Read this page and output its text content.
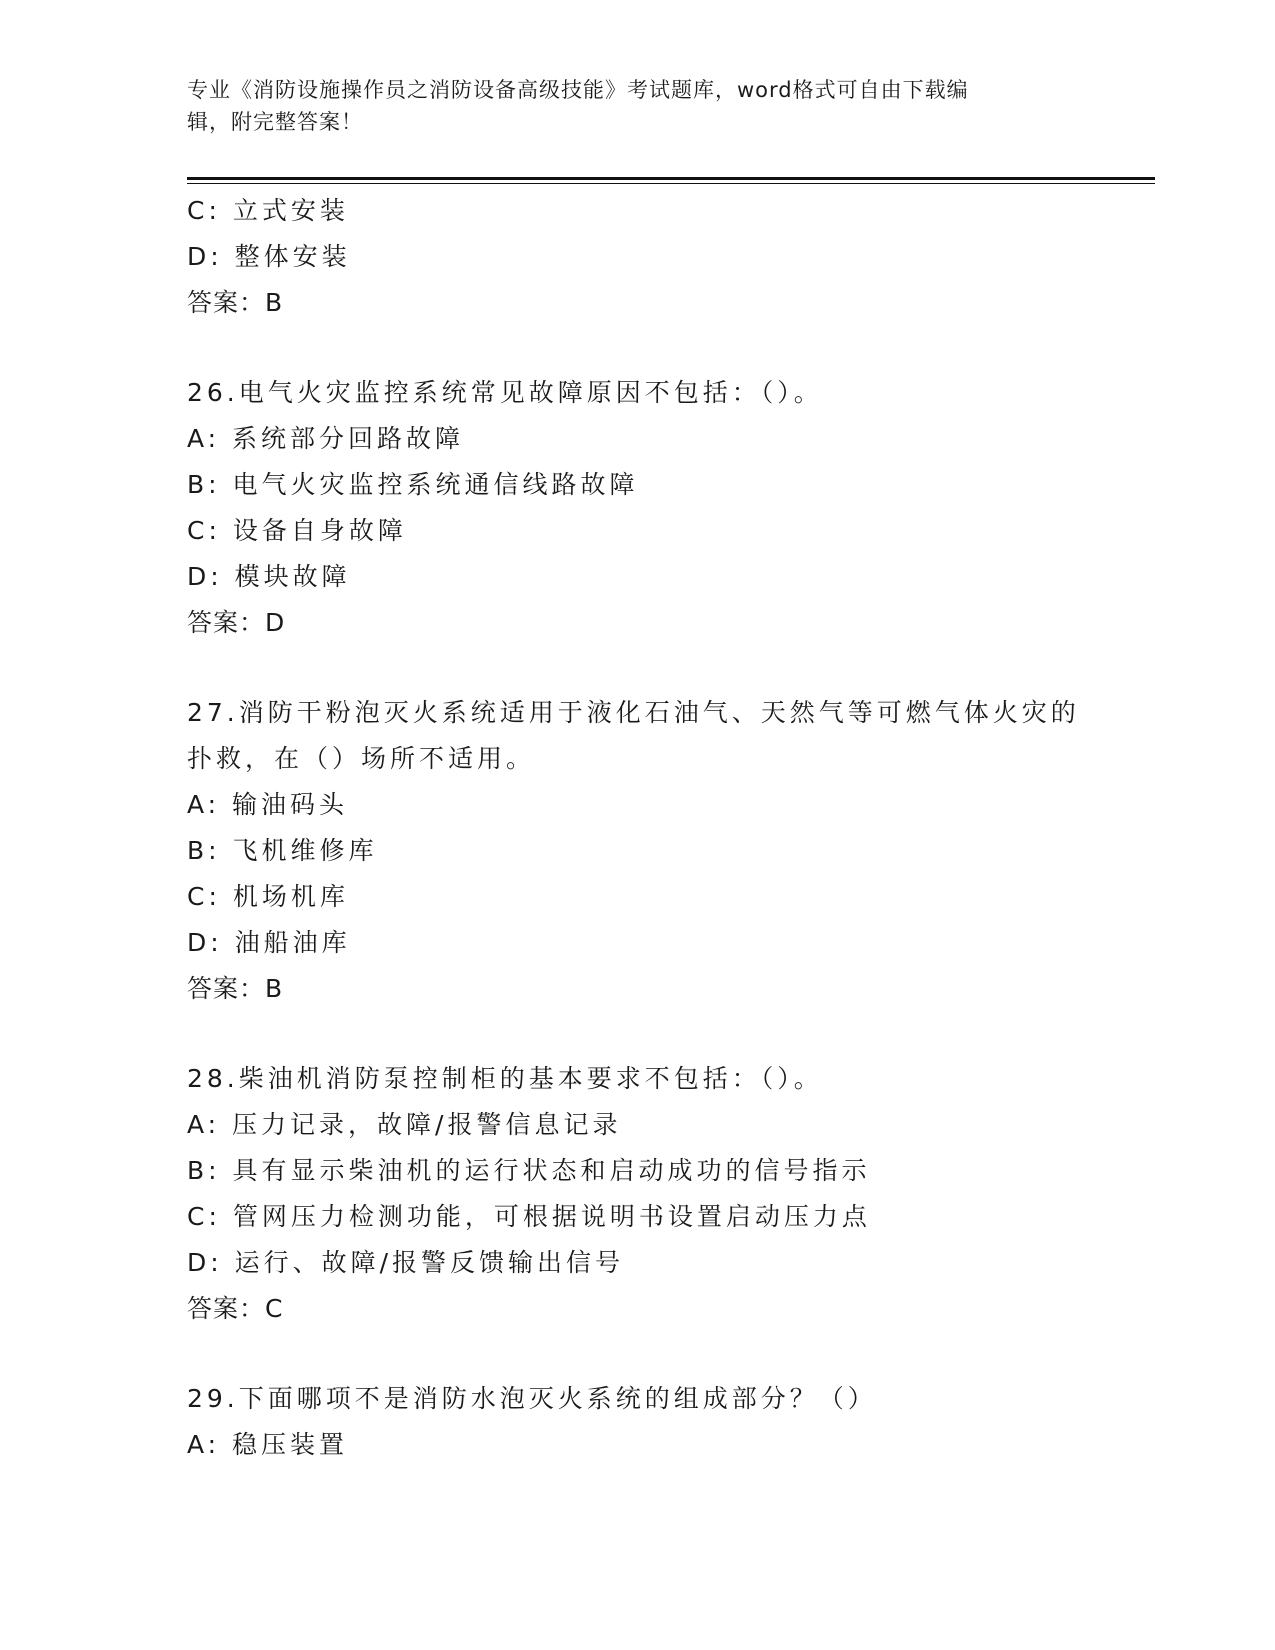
专业《消防设施操作员之消防设备高级技能》考试题库，word格式可自由下载编
辑，附完整答案！
C: 立式安装
D: 整体安装
答案：B
26.电气火灾监控系统常见故障原因不包括：（）。
A: 系统部分回路故障
B: 电气火灾监控系统通信线路故障
C: 设备自身故障
D: 模块故障
答案：D
27.消防干粉泡灭火系统适用于液化石油气、天然气等可燃气体火灾的
扑救，在（）场所不适用。
A: 输油码头
B: 飞机维修库
C: 机场机库
D: 油船油库
答案：B
28.柴油机消防泵控制柜的基本要求不包括：（）。
A: 压力记录，故障/报警信息记录
B: 具有显示柴油机的运行状态和启动成功的信号指示
C: 管网压力检测功能，可根据说明书设置启动压力点
D: 运行、故障/报警反馈输出信号
答案：C
29.下面哪项不是消防水泡灭火系统的组成部分？（）
A: 稳压装置
